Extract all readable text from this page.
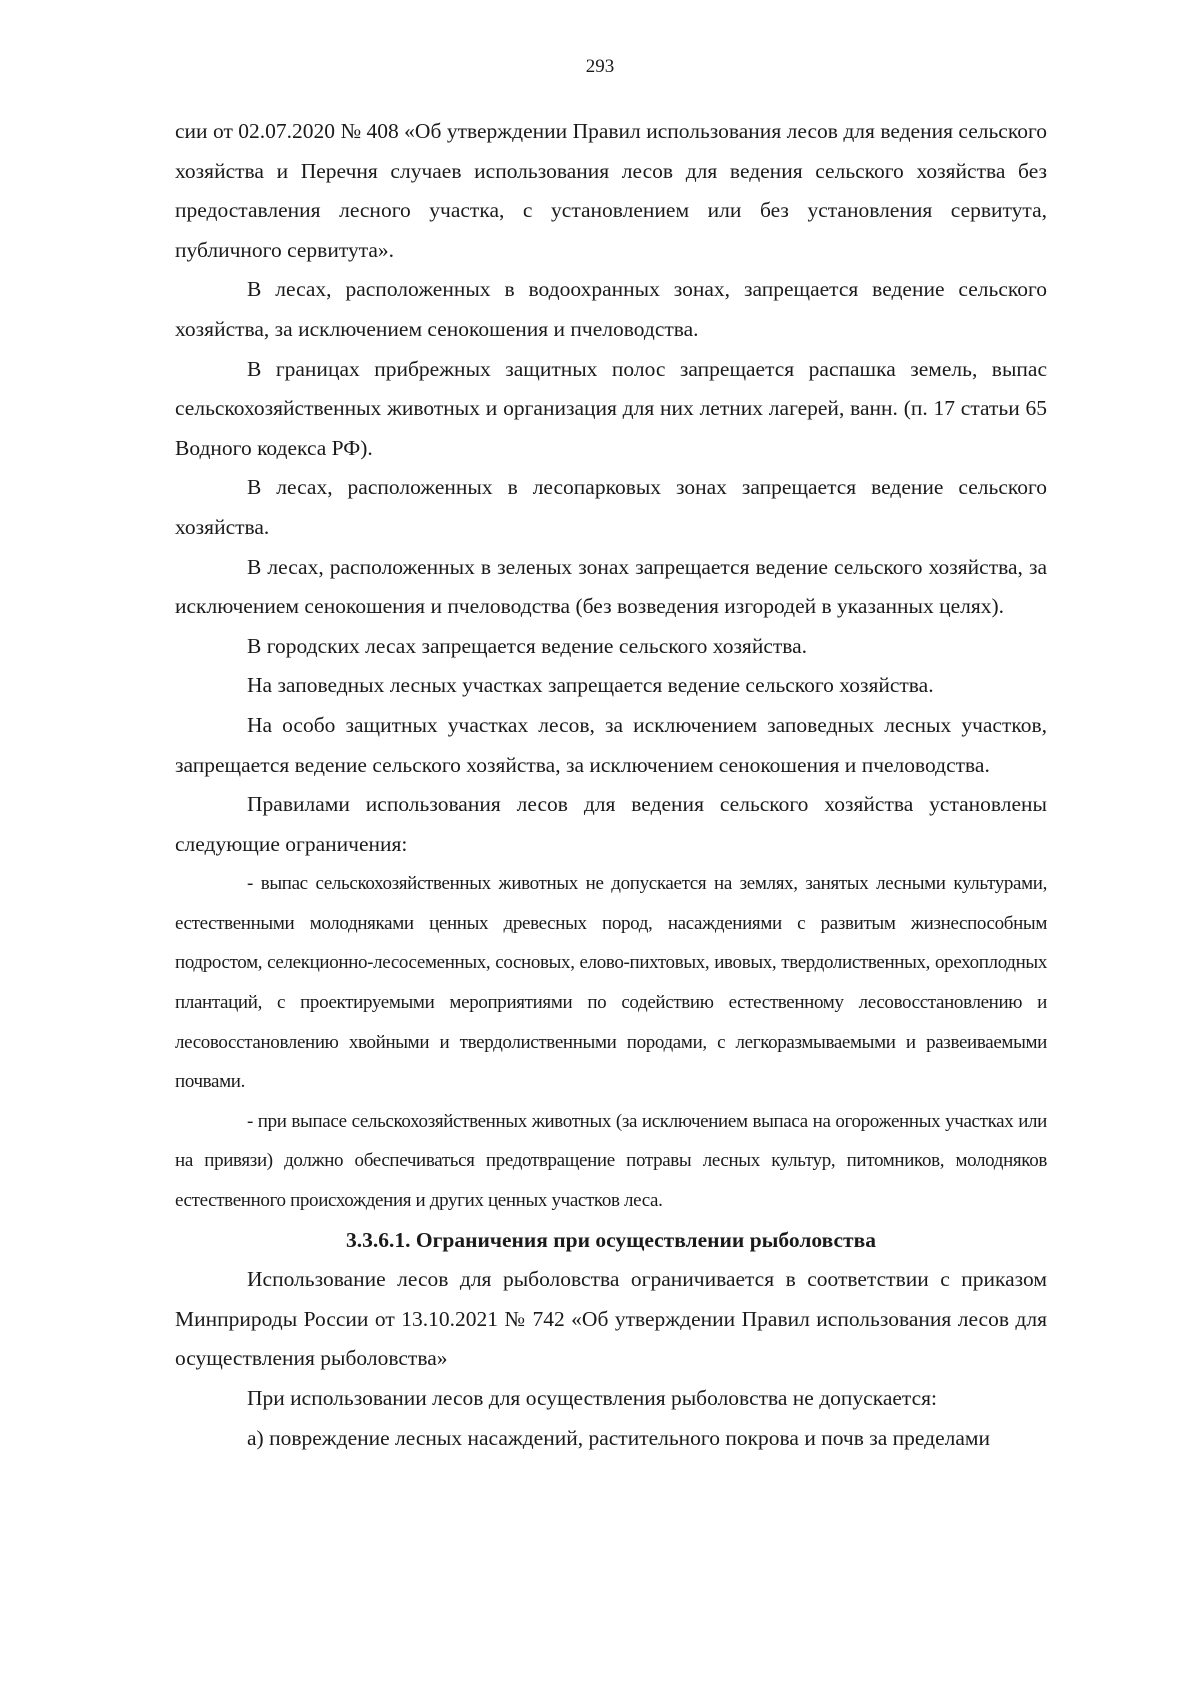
293

сии от 02.07.2020 № 408 «Об утверждении Правил использования лесов для ведения сельского хозяйства и Перечня случаев использования лесов для ведения сельского хозяйства без предоставления лесного участка, с установлением или без установления сервитута, публичного сервитута».

В лесах, расположенных в водоохранных зонах, запрещается ведение сельского хозяйства, за исключением сенокошения и пчеловодства.

В границах прибрежных защитных полос запрещается распашка земель, выпас сельскохозяйственных животных и организация для них летних лагерей, ванн. (п. 17 статьи 65 Водного кодекса РФ).

В лесах, расположенных в лесопарковых зонах запрещается ведение сельского хозяйства.

В лесах, расположенных в зеленых зонах запрещается ведение сельского хозяйства, за исключением сенокошения и пчеловодства (без возведения изгородей в указанных целях).

В городских лесах запрещается ведение сельского хозяйства.

На заповедных лесных участках запрещается ведение сельского хозяйства.

На особо защитных участках лесов, за исключением заповедных лесных участков, запрещается ведение сельского хозяйства, за исключением сенокошения и пчеловодства.

Правилами использования лесов для ведения сельского хозяйства установлены следующие ограничения:

- выпас сельскохозяйственных животных не допускается на землях, занятых лесными культурами, естественными молодняками ценных древесных пород, насаждениями с развитым жизнеспособным подростом, селекционно-лесосеменных, сосновых, елово-пихтовых, ивовых, твердолиственных, орехоплодных плантаций, с проектируемыми мероприятиями по содействию естественному лесовосстановлению и лесовосстановлению хвойными и твердолиственными породами, с легкоразмываемыми и развеиваемыми почвами.

- при выпасе сельскохозяйственных животных (за исключением выпаса на огороженных участках или на привязи) должно обеспечиваться предотвращение потравы лесных культур, питомников, молодняков естественного происхождения и других ценных участков леса.

3.3.6.1. Ограничения при осуществлении рыболовства

Использование лесов для рыболовства ограничивается в соответствии с приказом Минприроды России от 13.10.2021 № 742 «Об утверждении Правил использования лесов для осуществления рыболовства»

При использовании лесов для осуществления рыболовства не допускается:

а) повреждение лесных насаждений, растительного покрова и почв за пределами
